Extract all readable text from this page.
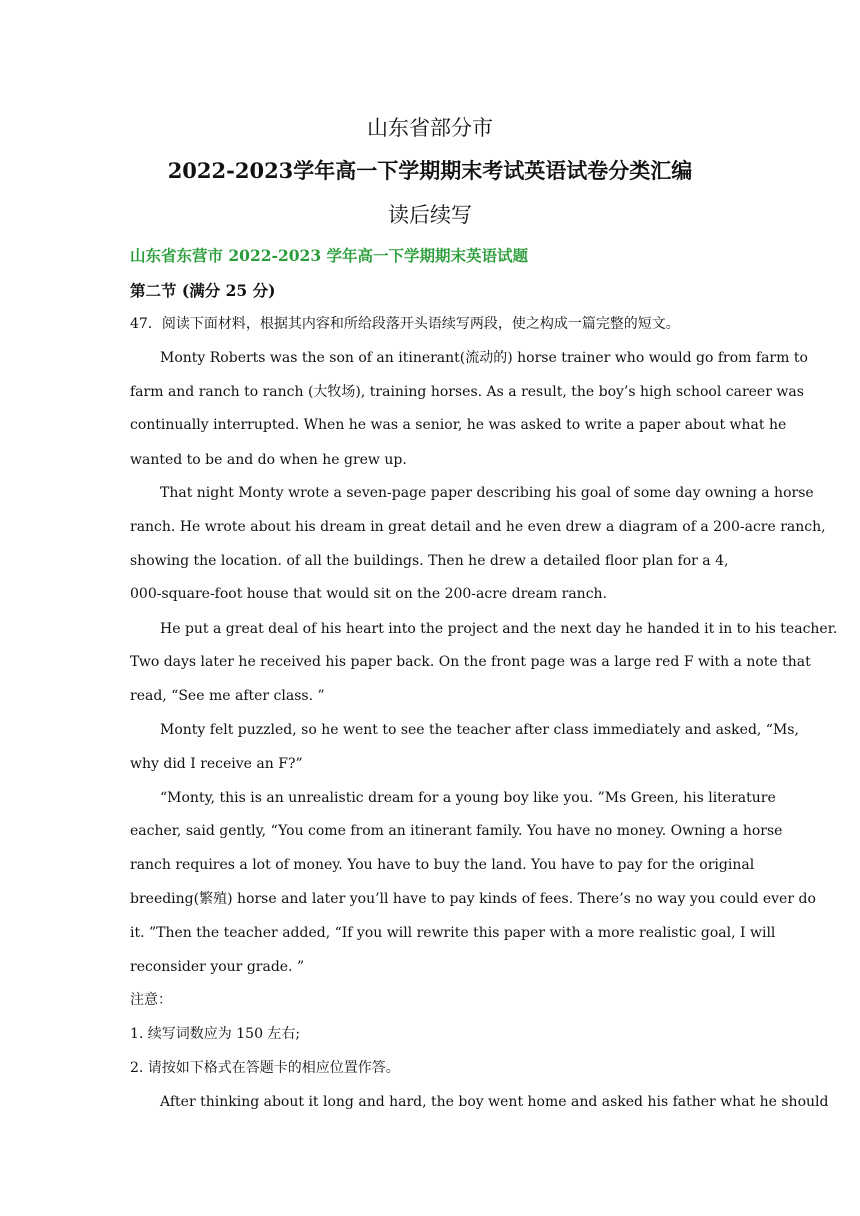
山东省部分市
2022-2023学年高一下学期期末考试英语试卷分类汇编
读后续写
山东省东营市 2022-2023 学年高一下学期期末英语试题
第二节 (满分 25 分)
47．阅读下面材料，根据其内容和所给段落开头语续写两段，使之构成一篇完整的短文。
Monty Roberts was the son of an itinerant(流动的) horse trainer who would go from farm to
farm and ranch to ranch (大牧场), training horses. As a result, the boy’s high school career was
continually interrupted. When he was a senior, he was asked to write a paper about what he
wanted to be and do when he grew up.
That night Monty wrote a seven-page paper describing his goal of some day owning a horse
ranch. He wrote about his dream in great detail and he even drew a diagram of a 200-acre ranch,
showing the location. of all the buildings. Then he drew a detailed floor plan for a 4,
000-square-foot house that would sit on the 200-acre dream ranch.
He put a great deal of his heart into the project and the next day he handed it in to his teacher.
Two days later he received his paper back. On the front page was a large red F with a note that
read, “See me after class. ”
Monty felt puzzled, so he went to see the teacher after class immediately and asked, “Ms,
why did I receive an F?”
“Monty, this is an unrealistic dream for a young boy like you. ”Ms Green, his literature
eacher, said gently, “You come from an itinerant family. You have no money. Owning a horse
ranch requires a lot of money. You have to buy the land. You have to pay for the original
breeding(繁殖) horse and later you’ll have to pay kinds of fees. There’s no way you could ever do
it. ”Then the teacher added, “If you will rewrite this paper with a more realistic goal, I will
reconsider your grade. ”
注意：
1. 续写词数应为 150 左右;
2. 请按如下格式在答题卡的相应位置作答。
After thinking about it long and hard, the boy went home and asked his father what he should
